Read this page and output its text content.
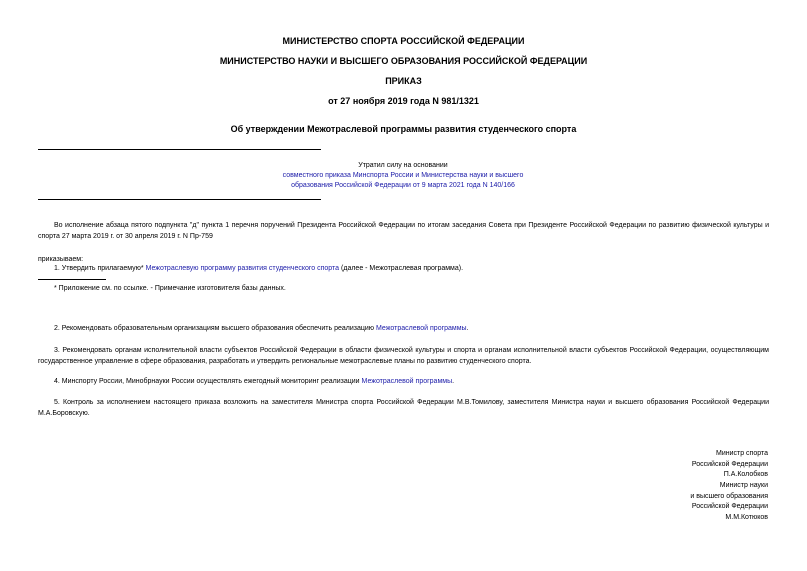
МИНИСТЕРСТВО СПОРТА РОССИЙСКОЙ ФЕДЕРАЦИИ
МИНИСТЕРСТВО НАУКИ И ВЫСШЕГО ОБРАЗОВАНИЯ РОССИЙСКОЙ ФЕДЕРАЦИИ
ПРИКАЗ
от 27 ноября 2019 года N 981/1321
Об утверждении Межотраслевой программы развития студенческого спорта
Утратил силу на основании
совместного приказа Минспорта России и Министерства науки и высшего
образования Российской Федерации от 9 марта 2021 года N 140/166
Во исполнение абзаца пятого подпункта "д" пункта 1 перечня поручений Президента Российской Федерации по итогам заседания Совета при Президенте Российской Федерации по развитию физической культуры и спорта 27 марта 2019 г. от 30 апреля 2019 г. N Пр-759
приказываем:
1. Утвердить прилагаемую* Межотраслевую программу развития студенческого спорта (далее - Межотраслевая программа).
* Приложение см. по ссылке. - Примечание изготовителя базы данных.
2. Рекомендовать образовательным организациям высшего образования обеспечить реализацию Межотраслевой программы.
3. Рекомендовать органам исполнительной власти субъектов Российской Федерации в области физической культуры и спорта и органам исполнительной власти субъектов Российской Федерации, осуществляющим государственное управление в сфере образования, разработать и утвердить региональные межотраслевые планы по развитию студенческого спорта.
4. Минспорту России, Минобрнауки России осуществлять ежегодный мониторинг реализации Межотраслевой программы.
5. Контроль за исполнением настоящего приказа возложить на заместителя Министра спорта Российской Федерации М.В.Томилову, заместителя Министра науки и высшего образования Российской Федерации М.А.Боровскую.
Министр спорта
Российской Федерации
П.А.Колобков
Министр науки
и высшего образования
Российской Федерации
М.М.Котюков
